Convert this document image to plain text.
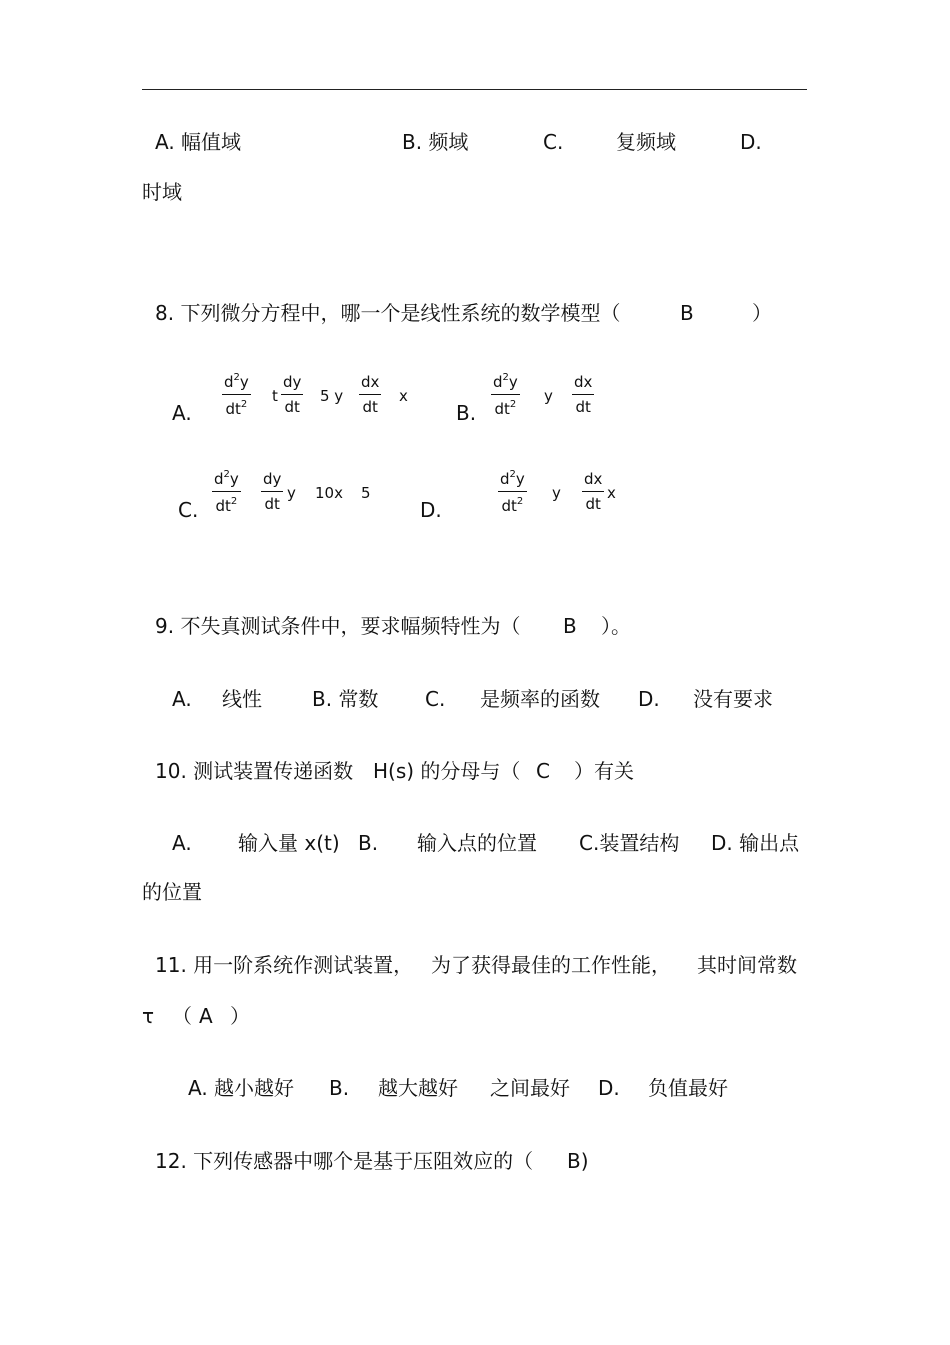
A. 幅值域	B. 频域	C.	复频域	D.
时域
8. 下列微分方程中，哪一个是线性系统的数学模型（	B	）
A. $\frac{d^2y}{dt^2}$ t $\frac{dy}{dt} 5$ y $\frac{dx}{dt}$ x
B. $\frac{d^2y}{dt^2}$ y $\frac{dx}{dt}$
C. $\frac{d^2y}{dt^2} \frac{dy}{dt}$ y 10x 5
D.	$\frac{d^2y}{dt^2}$ y $\frac{dx}{dt}$ x
9. 不失真测试条件中，要求幅频特性为（ B ）。
A. 线性	B. 常数 C. 是频率的函数 D. 没有要求
10. 测试装置传递函数 H(s) 的分母与（ C ）有关
A. 输入量 x(t) B. 输入点的位置 C.装置结构 D. 输出点
的位置
11. 用一阶系统作测试装置， 为了获得最佳的工作性能， 其时间常数
τ （ A ）
A. 越小越好 B. 越大越好 之间最好 D. 负值最好
12. 下列传感器中哪个是基于压阻效应的（ B)
